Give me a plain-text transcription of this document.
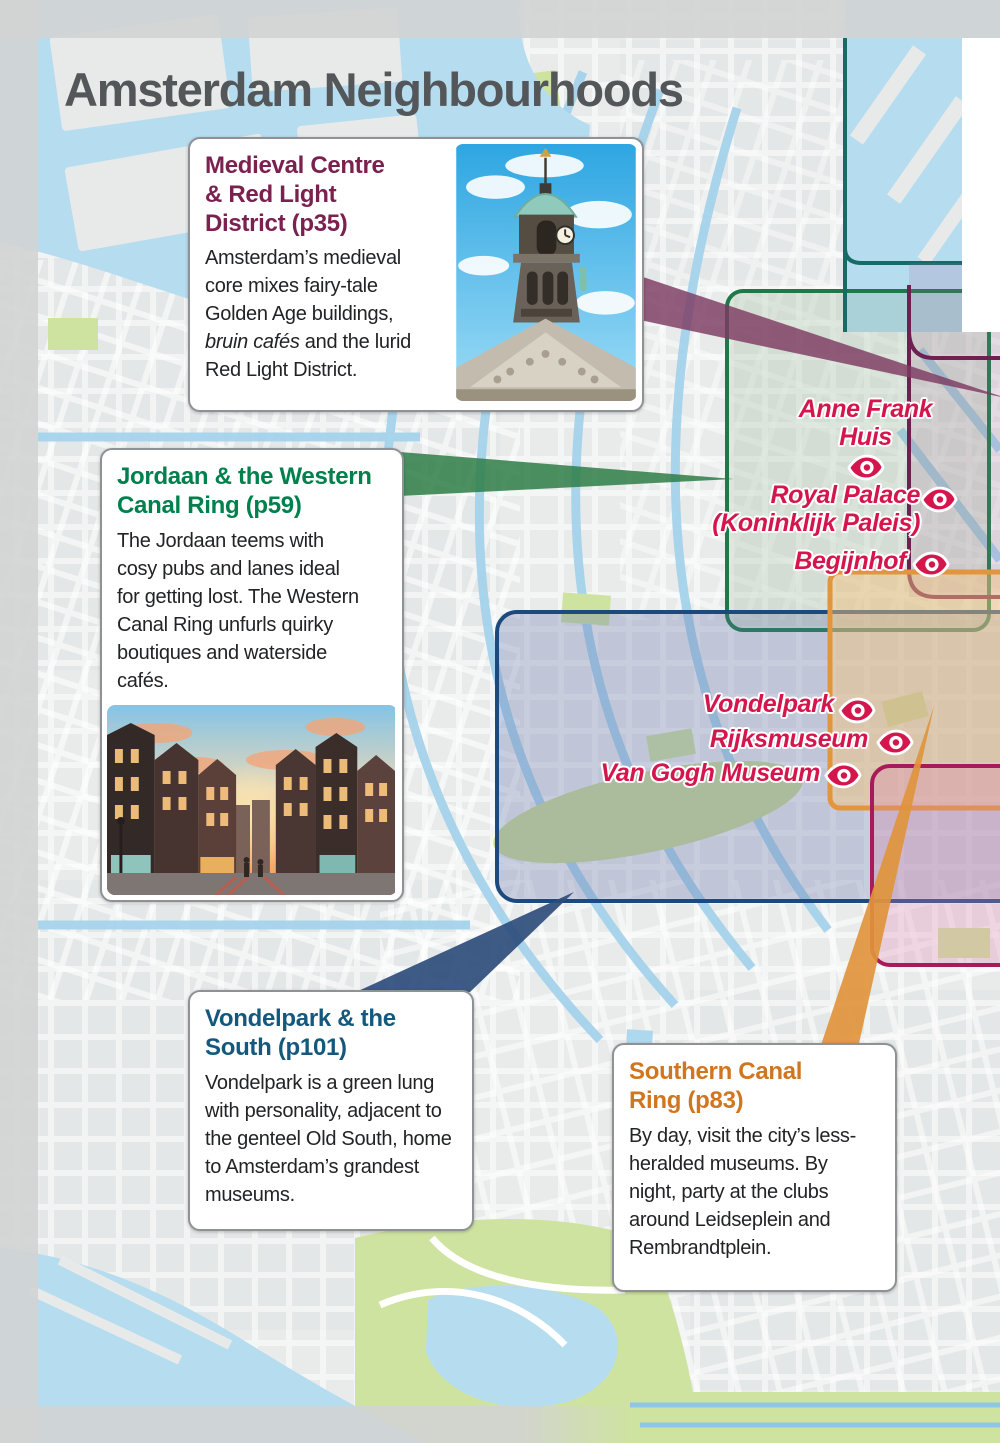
Anne Frank
Huis
Royal Palace
(Koninklijk Paleis)
Begijnhof
Vondelpark
Rijksmuseum
Van Gogh Museum
Medieval Centre
& Red Light
District (p35)

Amsterdam’s medieval core mixes fairy-tale Golden Age buildings, bruin cafés and the lurid Red Light District.

Jordaan & the Western
Canal Ring (p59)

The Jordaan teems with cosy pubs and lanes ideal for getting lost. The Western Canal Ring unfurls quirky boutiques and waterside cafés.

Vondelpark & the
South (p101)

Vondelpark is a green lung with personality, adjacent to the genteel Old South, home to Amsterdam’s grandest museums.

Southern Canal
Ring (p83)

By day, visit the city’s less-heralded museums. By night, party at the clubs around Leidseplein and Rembrandtplein.

Amsterdam Neighbourhoods
